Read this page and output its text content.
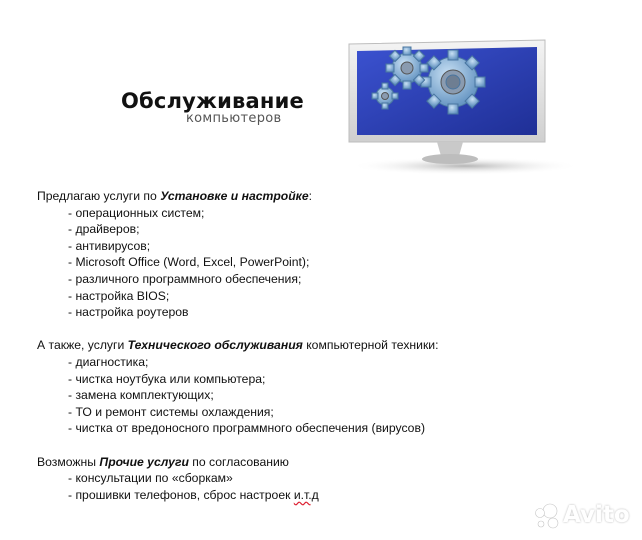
Обслуживание
компьютеров

Предлагаю услуги по Установке и настройке:

- операционных систем;
- драйверов;
- антивирусов;
- Microsoft Office (Word, Excel, PowerPoint);
- различного программного обеспечения;
- настройка BIOS;
- настройка роутеров

А также, услуги Технического обслуживания компьютерной техники:

- диагностика;
- чистка ноутбука или компьютера;
- замена комплектующих;
- ТО и ремонт системы охлаждения;
- чистка от вредоносного программного обеспечения (вирусов)

Возможны Прочие услуги по согласованию

- консультации по «сборкам»
- прошивки телефонов, сброс настроек и.т.д
Avito
